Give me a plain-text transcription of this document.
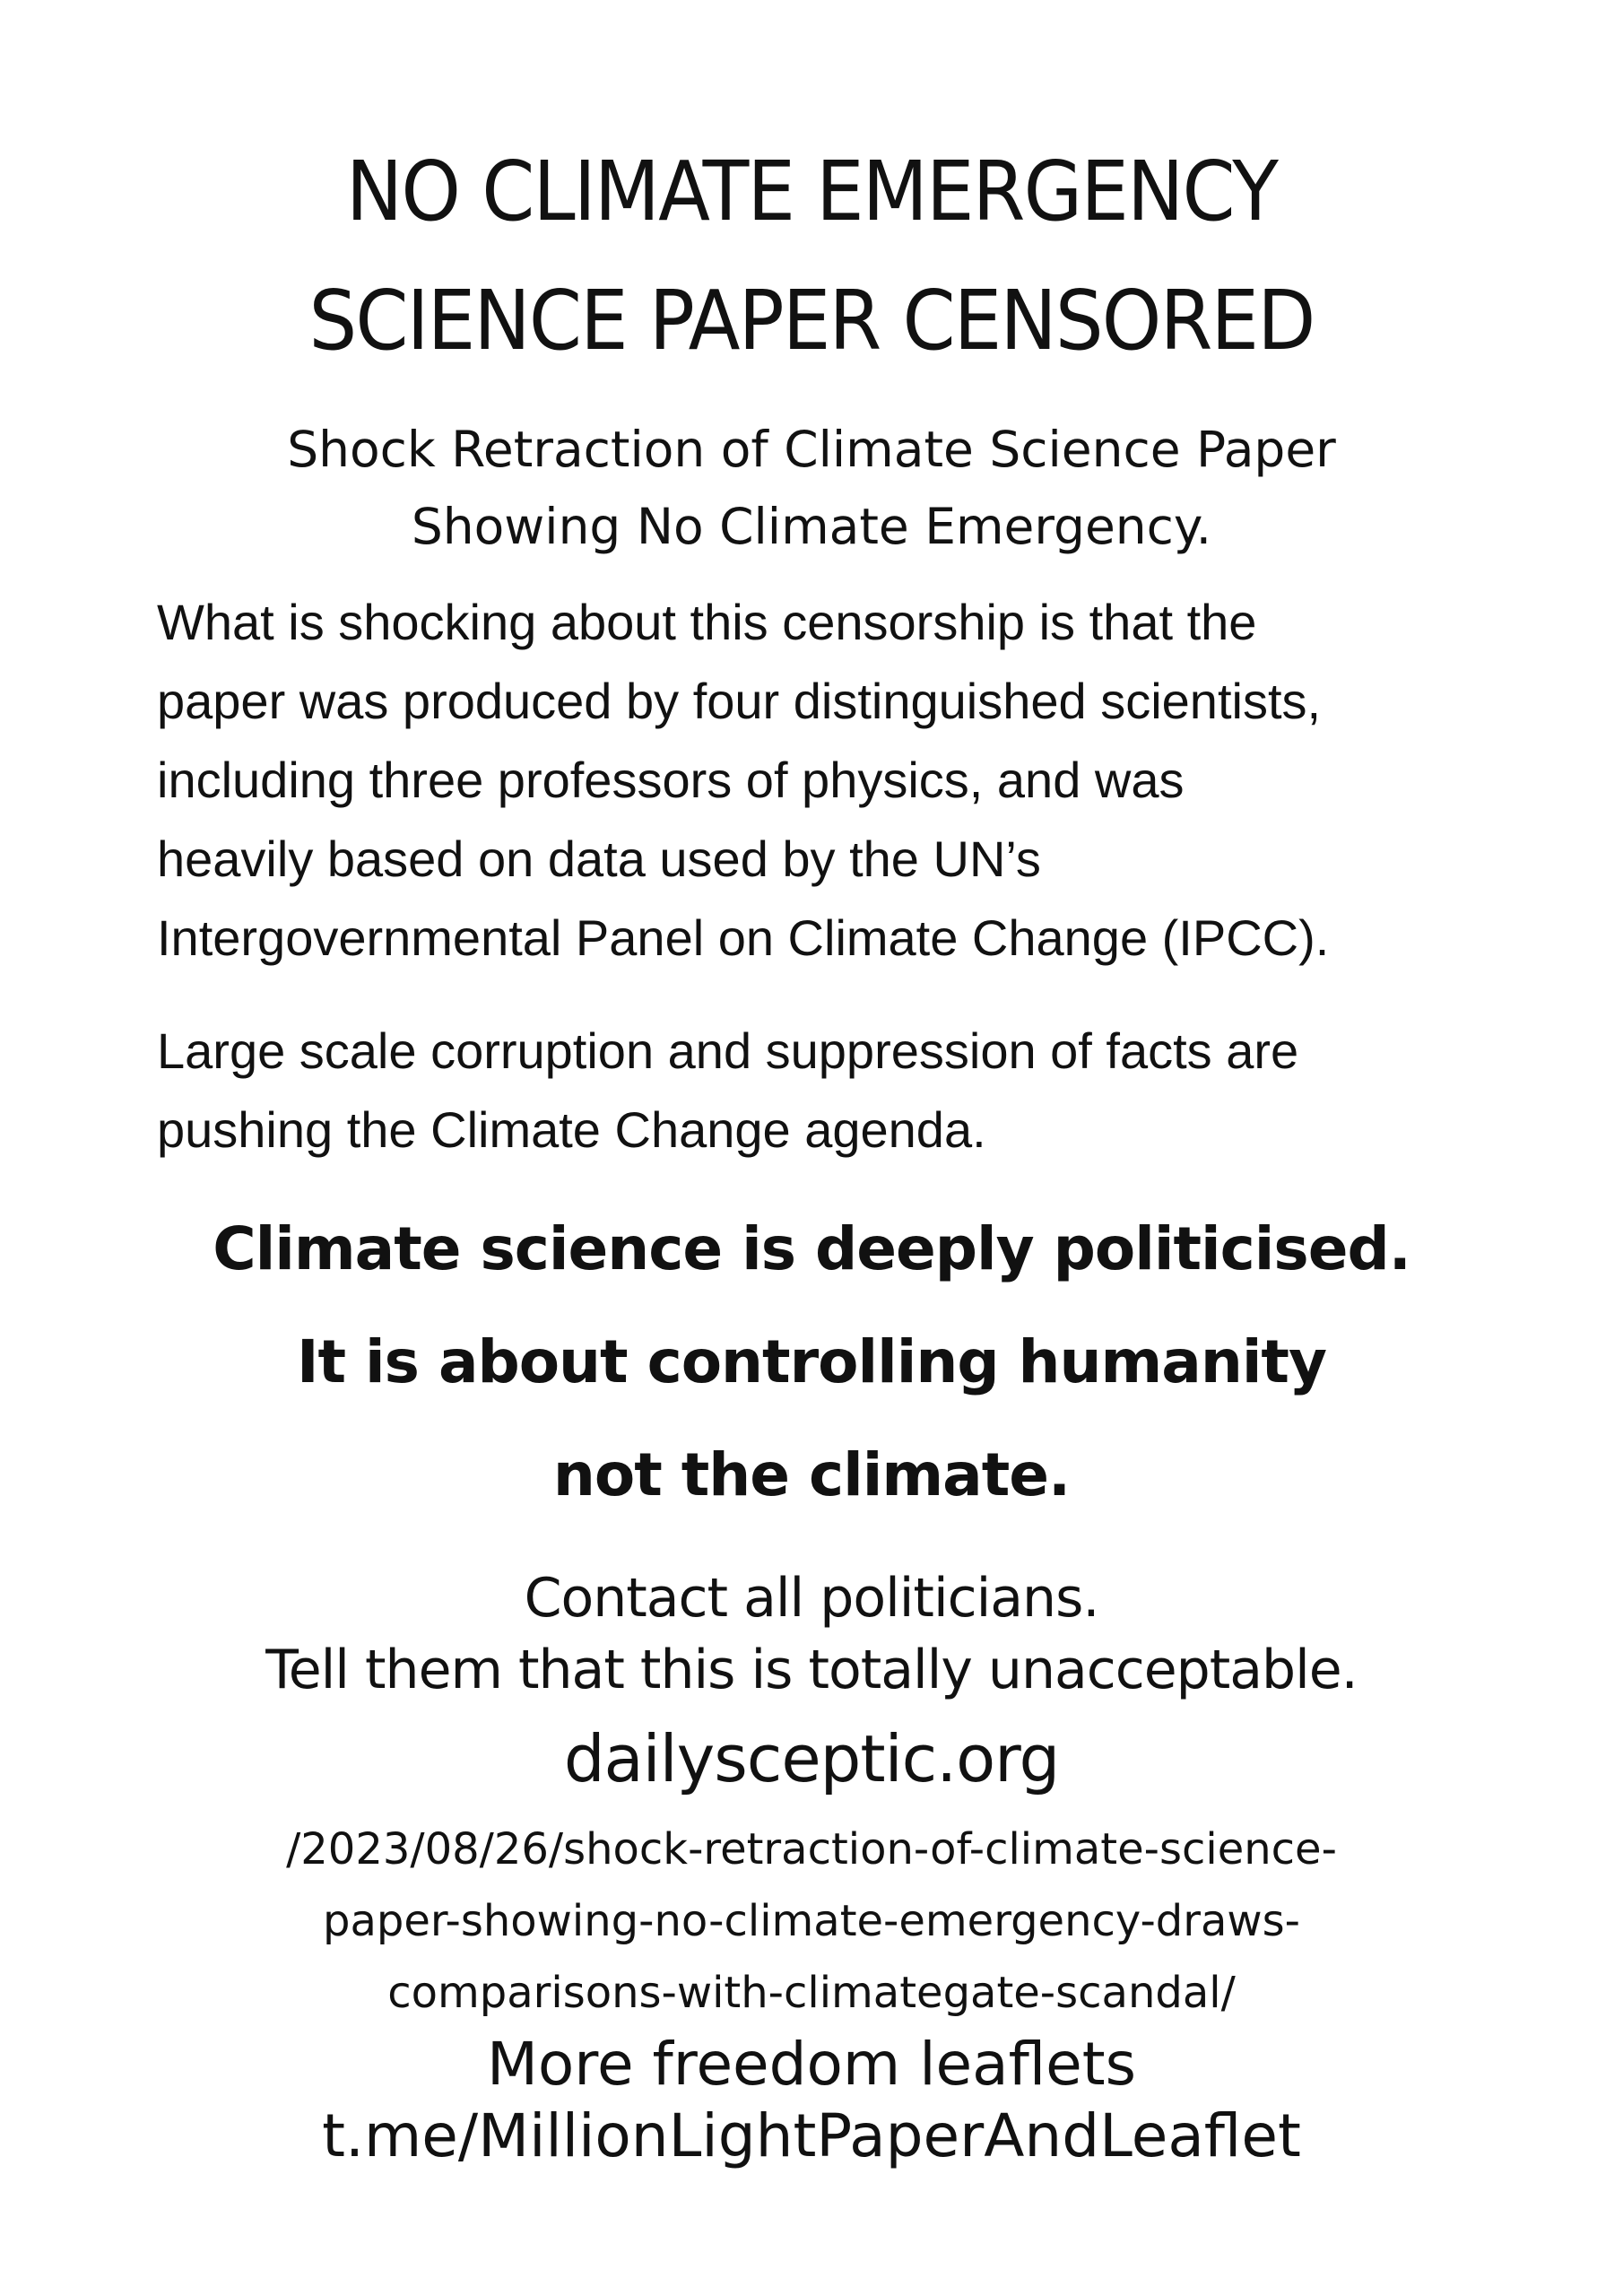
NO CLIMATE EMERGENCY
SCIENCE PAPER CENSORED
Shock Retraction of Climate Science Paper
Showing No Climate Emergency.
What is shocking about this censorship is that the
paper was produced by four distinguished scientists,
including three professors of physics, and was
heavily based on data used by the UN’s
Intergovernmental Panel on Climate Change (IPCC).
Large scale corruption and suppression of facts are
pushing the Climate Change agenda.
Climate science is deeply politicised.
It is about controlling humanity
not the climate.
Contact all politicians.
Tell them that this is totally unacceptable.
dailysceptic.org
/2023/08/26/shock-retraction-of-climate-science-
paper-showing-no-climate-emergency-draws-
comparisons-with-climategate-scandal/
More freedom leaflets
t.me/MillionLightPaperAndLeaflet
